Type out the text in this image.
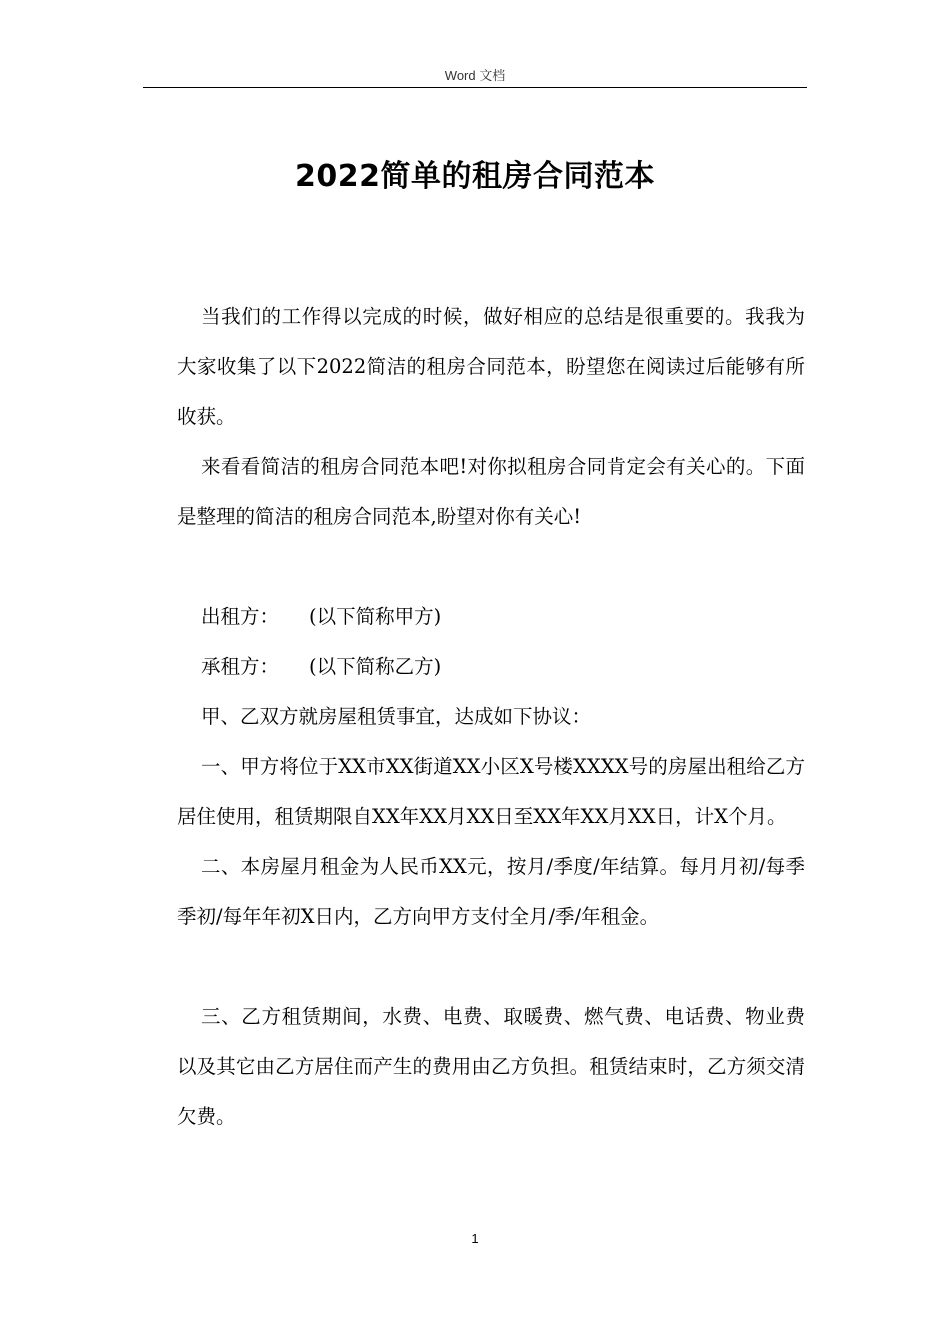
Word 文档
2022简单的租房合同范本

当我们的工作得以完成的时候，做好相应的总结是很重要的。我我为大家收集了以下2022简洁的租房合同范本，盼望您在阅读过后能够有所收获。

来看看简洁的租房合同范本吧!对你拟租房合同肯定会有关心的。下面是整理的简洁的租房合同范本,盼望对你有关心!

出租方： (以下简称甲方)

承租方： (以下简称乙方)

甲、乙双方就房屋租赁事宜，达成如下协议：

一、甲方将位于XX市XX街道XX小区X号楼XXXX号的房屋出租给乙方居住使用，租赁期限自XX年XX月XX日至XX年XX月XX日，计X个月。

二、本房屋月租金为人民币XX元，按月/季度/年结算。每月月初/每季季初/每年年初X日内，乙方向甲方支付全月/季/年租金。

三、乙方租赁期间，水费、电费、取暖费、燃气费、电话费、物业费以及其它由乙方居住而产生的费用由乙方负担。租赁结束时，乙方须交清欠费。

1
